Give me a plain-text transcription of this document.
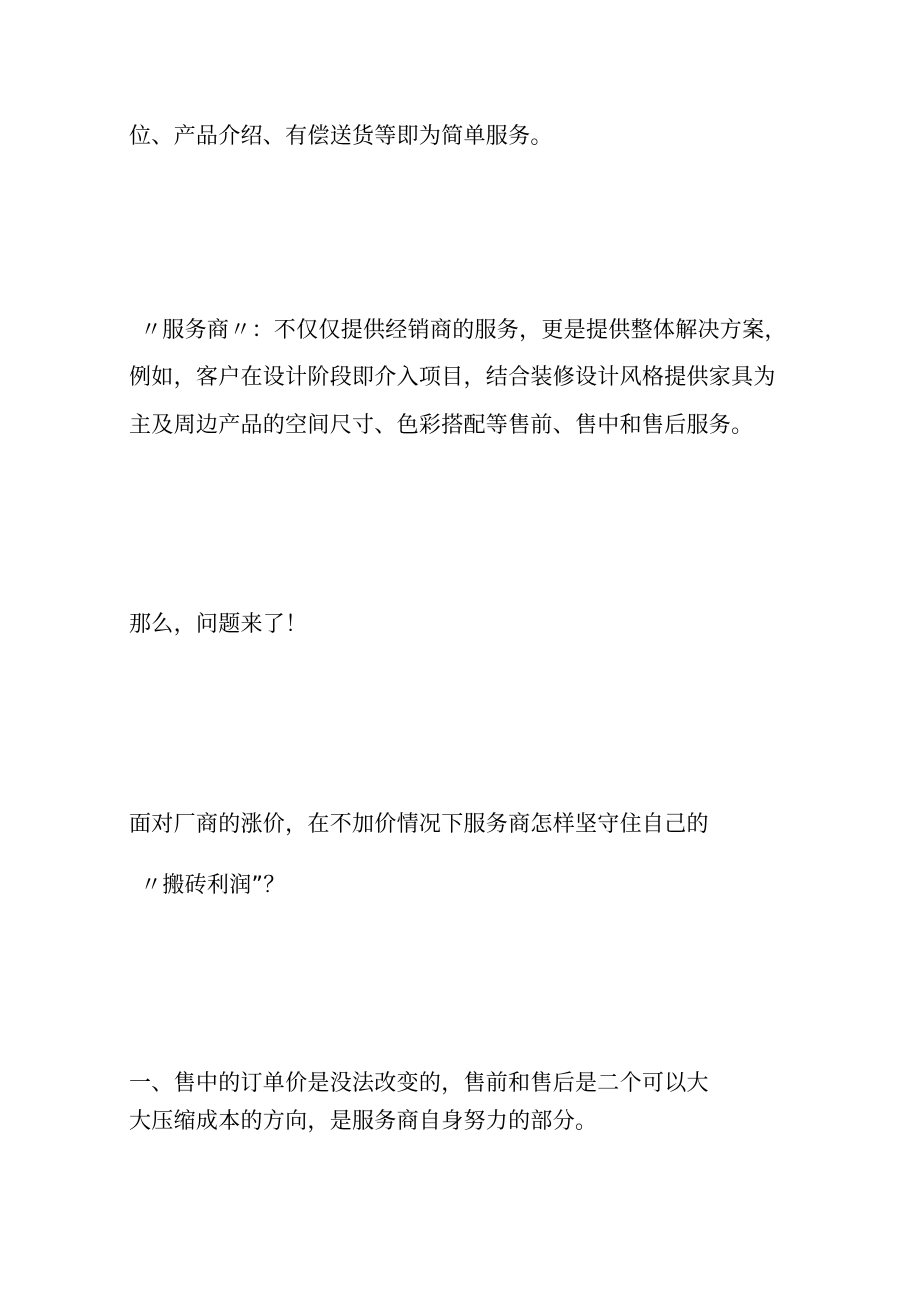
位、产品介绍、有偿送货等即为简单服务。
〃服务商〃：不仅仅提供经销商的服务，更是提供整体解决方案，
例如，客户在设计阶段即介入项目，结合装修设计风格提供家具为
主及周边产品的空间尺寸、色彩搭配等售前、售中和售后服务。
那么，问题来了！
面对厂商的涨价，在不加价情况下服务商怎样坚守住自己的
〃搬砖利润”？
一、售中的订单价是没法改变的，售前和售后是二个可以大
大压缩成本的方向，是服务商自身努力的部分。
